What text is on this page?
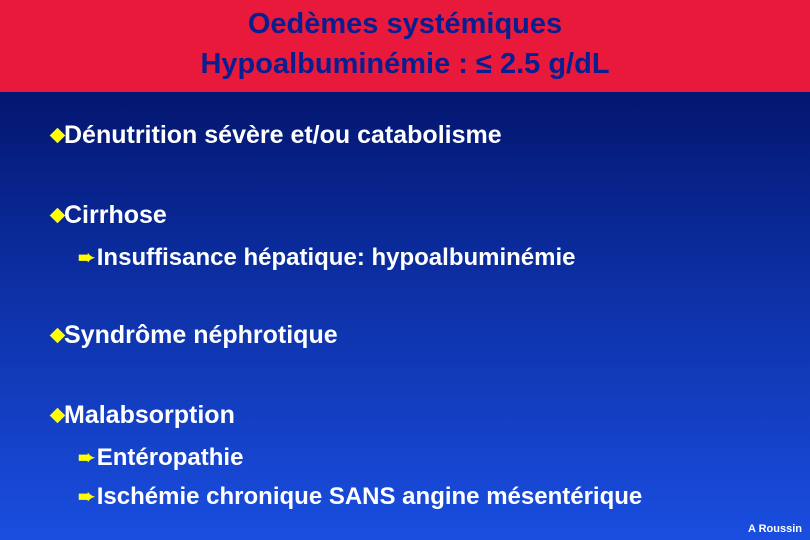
Oedèmes systémiques
Hypoalbuminémie : ≤ 2.5 g/dL
Dénutrition sévère et/ou catabolisme
Cirrhose
➨Insuffisance hépatique: hypoalbuminémie
Syndrôme néphrotique
Malabsorption
➨Entéropathie
➨Ischémie chronique SANS angine mésentérique
A Roussin
